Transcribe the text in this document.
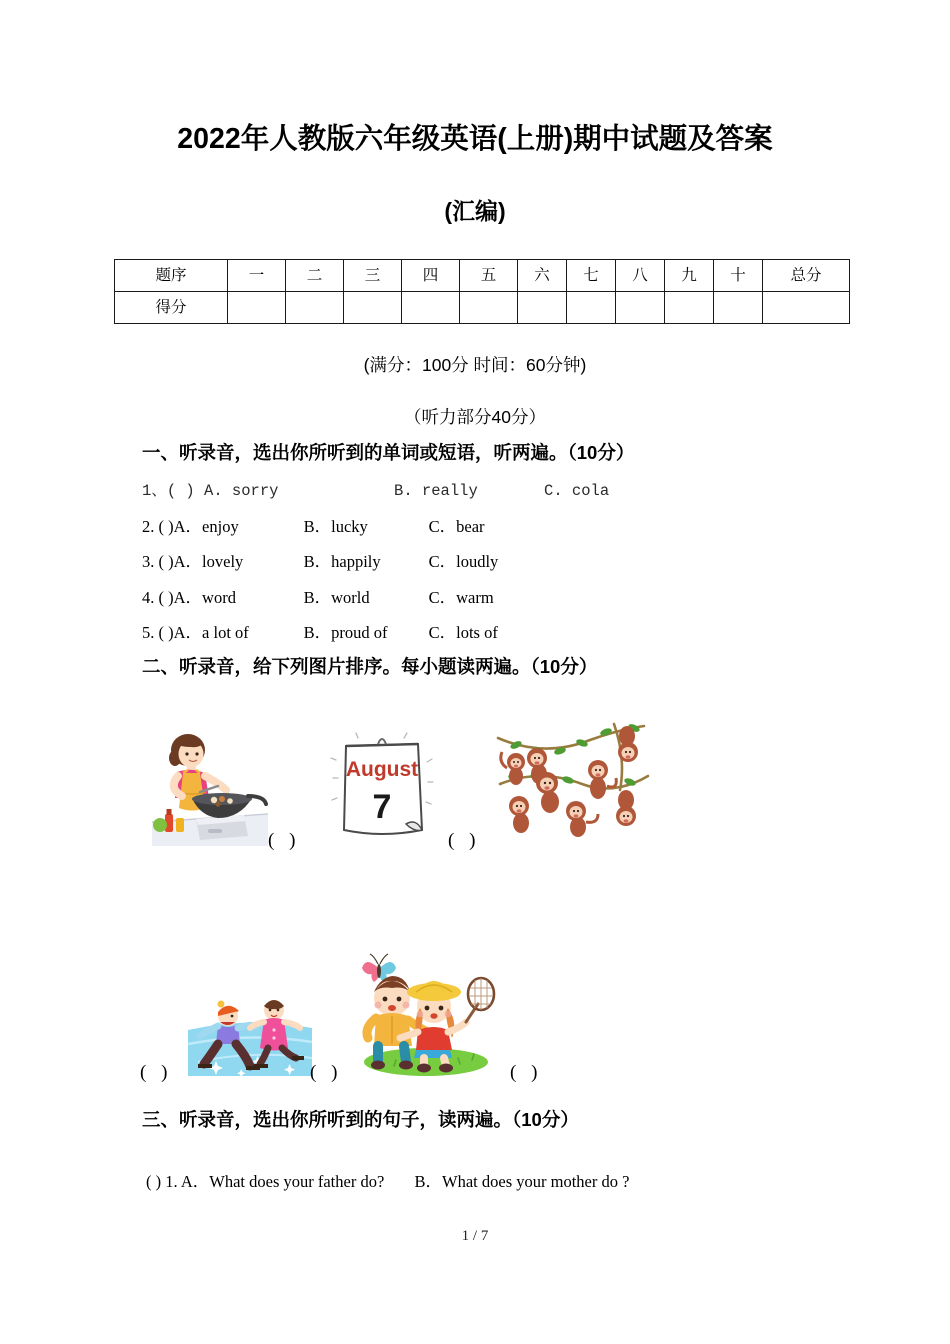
2022年人教版六年级英语(上册)期中试题及答案
(汇编)
题序	一	二	三	四	五	六	七	八	九	十	总分
得分											
(满分：100分 时间：60分钟)
（听力部分40分）
一、听录音，选出你所听到的单词或短语，听两遍。（10分）
1、( ) A. sorry	B. really	C. cola
2. ( )A．enjoy	B．lucky	C．bear
3. ( )A．lovely	B．happily	C．loudly
4. ( )A．word	B．world	C．warm
5. ( )A．a lot of	B．proud of C．lots of
二、听录音，给下列图片排序。每小题读两遍。（10分）
( )
August
7
( )
( )	( )	( )
三、听录音，选出你所听到的句子，读两遍。（10分）
( ) 1. A．What does your father do? B．What does your mother do ?
1 / 7
